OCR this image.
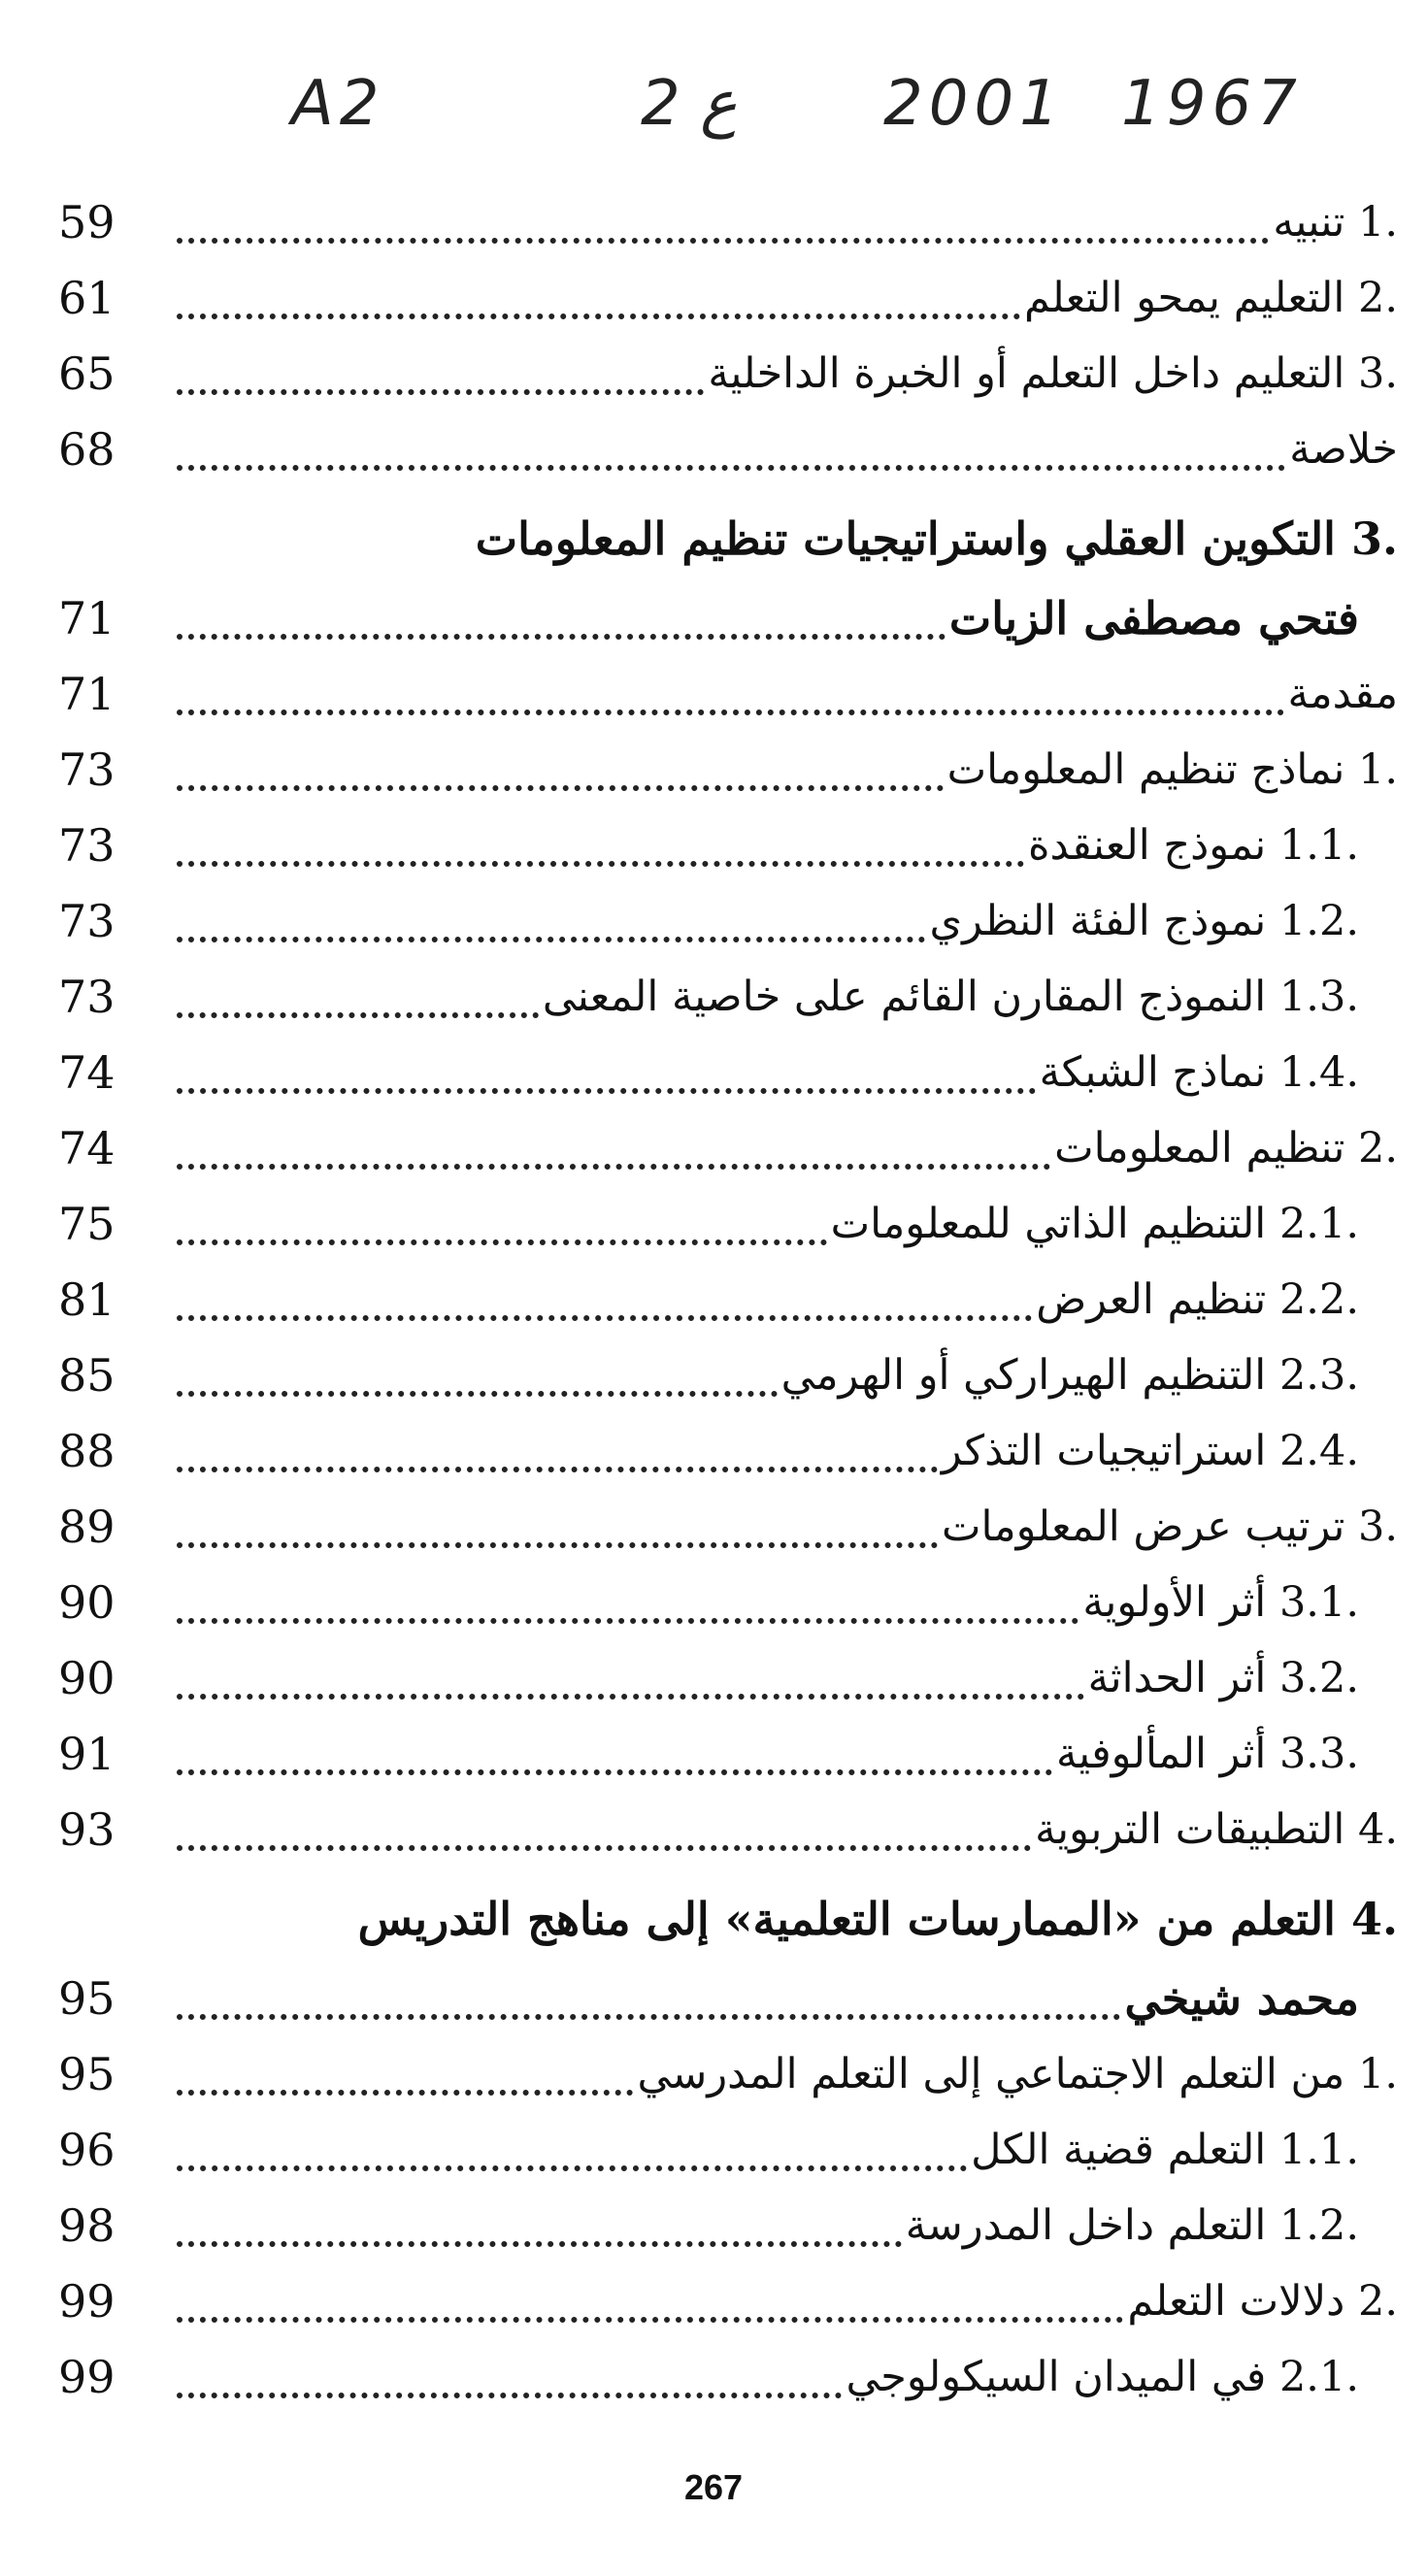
A2	2 ع 2001 1967
1. تنبيه
59
2. التعليم يمحو التعلم
61
3. التعليم داخل التعلم أو الخبرة الداخلية
65
خلاصة
68
3.

التكوين العقلي واستراتيجيات تنظيم المعلومات
فتحي مصطفى الزيات
71
مقدمة
71
1. نماذج تنظيم المعلومات
73
1.1. نموذج العنقدة
73
1.2. نموذج الفئة النظري
73
1.3. النموذج المقارن القائم على خاصية المعنى
73
1.4. نماذج الشبكة
74
2. تنظيم المعلومات
74
2.1. التنظيم الذاتي للمعلومات
75
2.2. تنظيم العرض
81
2.3. التنظيم الهيراركي أو الهرمي
85
2.4. استراتيجيات التذكر
88
3. ترتيب عرض المعلومات
89
3.1. أثر الأولوية
90
3.2. أثر الحداثة
90
3.3. أثر المألوفية
91
4. التطبيقات التربوية
93
4.

التعلم من «الممارسات التعلمية» إلى مناهج التدريس
محمد شيخي
95
1. من التعلم الاجتماعي إلى التعلم المدرسي
95
1.1. التعلم قضية الكل
96
1.2. التعلم داخل المدرسة
98
2. دلالات التعلم
99
2.1. في الميدان السيكولوجي
99
267
